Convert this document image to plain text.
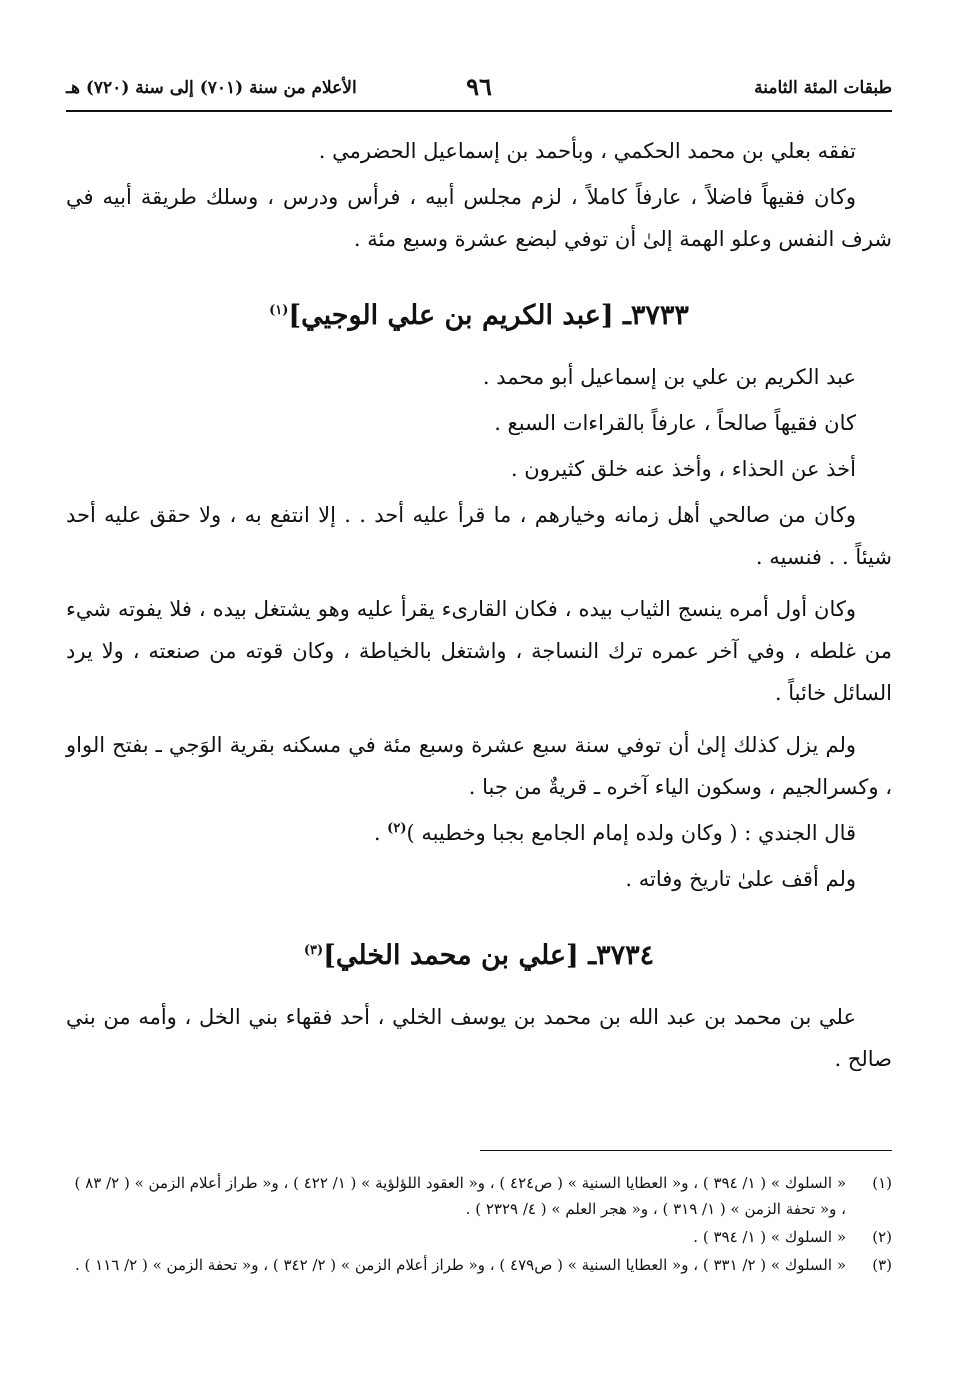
طبقات المئة الثامنة
٩٦
الأعلام من سنة (٧٠١) إلى سنة (٧٢٠) هـ

تفقه بعلي بن محمد الحكمي ، وبأحمد بن إسماعيل الحضرمي .

وكان فقيهاً فاضلاً ، عارفاً كاملاً ، لزم مجلس أبيه ، فرأس ودرس ، وسلك طريقة أبيه في شرف النفس وعلو الهمة إلىٰ أن توفي لبضع عشرة وسبع مئة .

٣٧٣٣ـ [عبد الكريم بن علي الوجيي]$^{(١)}$

عبد الكريم بن علي بن إسماعيل أبو محمد .

كان فقيهاً صالحاً ، عارفاً بالقراءات السبع .

أخذ عن الحذاء ، وأخذ عنه خلق كثيرون .

وكان من صالحي أهل زمانه وخيارهم ، ما قرأ عليه أحد . . إلا انتفع به ، ولا حقق عليه أحد شيئاً . . فنسيه .

وكان أول أمره ينسج الثياب بيده ، فكان القارىء يقرأ عليه وهو يشتغل بيده ، فلا يفوته شيء من غلطه ، وفي آخر عمره ترك النساجة ، واشتغل بالخياطة ، وكان قوته من صنعته ، ولا يرد السائل خائباً .

ولم يزل كذلك إلىٰ أن توفي سنة سبع عشرة وسبع مئة في مسكنه بقرية الوَجي ـ بفتح الواو ، وكسرالجيم ، وسكون الياء آخره ـ قريةٌ من جبا .

قال الجندي : ( وكان ولده إمام الجامع بجبا وخطيبه )$^{(٢)}$ .

ولم أقف علىٰ تاريخ وفاته .

٣٧٣٤ـ [علي بن محمد الخلي]$^{(٣)}$

علي بن محمد بن عبد الله بن محمد بن يوسف الخلي ، أحد فقهاء بني الخل ، وأمه من بني صالح .

(١)
« السلوك » ( ١/ ٣٩٤ ) ، و« العطايا السنية » ( ص٤٢٤ ) ، و« العقود اللؤلؤية » ( ١/ ٤٢٢ ) ، و« طراز أعلام الزمن » ( ٢/ ٨٣ ) ، و« تحفة الزمن » ( ١/ ٣١٩ ) ، و« هجر العلم » ( ٤/ ٢٣٢٩ ) .
(٢)
« السلوك » ( ١/ ٣٩٤ ) .
(٣)
« السلوك » ( ٢/ ٣٣١ ) ، و« العطايا السنية » ( ص٤٧٩ ) ، و« طراز أعلام الزمن » ( ٢/ ٣٤٢ ) ، و« تحفة الزمن » ( ٢/ ١١٦ ) .
